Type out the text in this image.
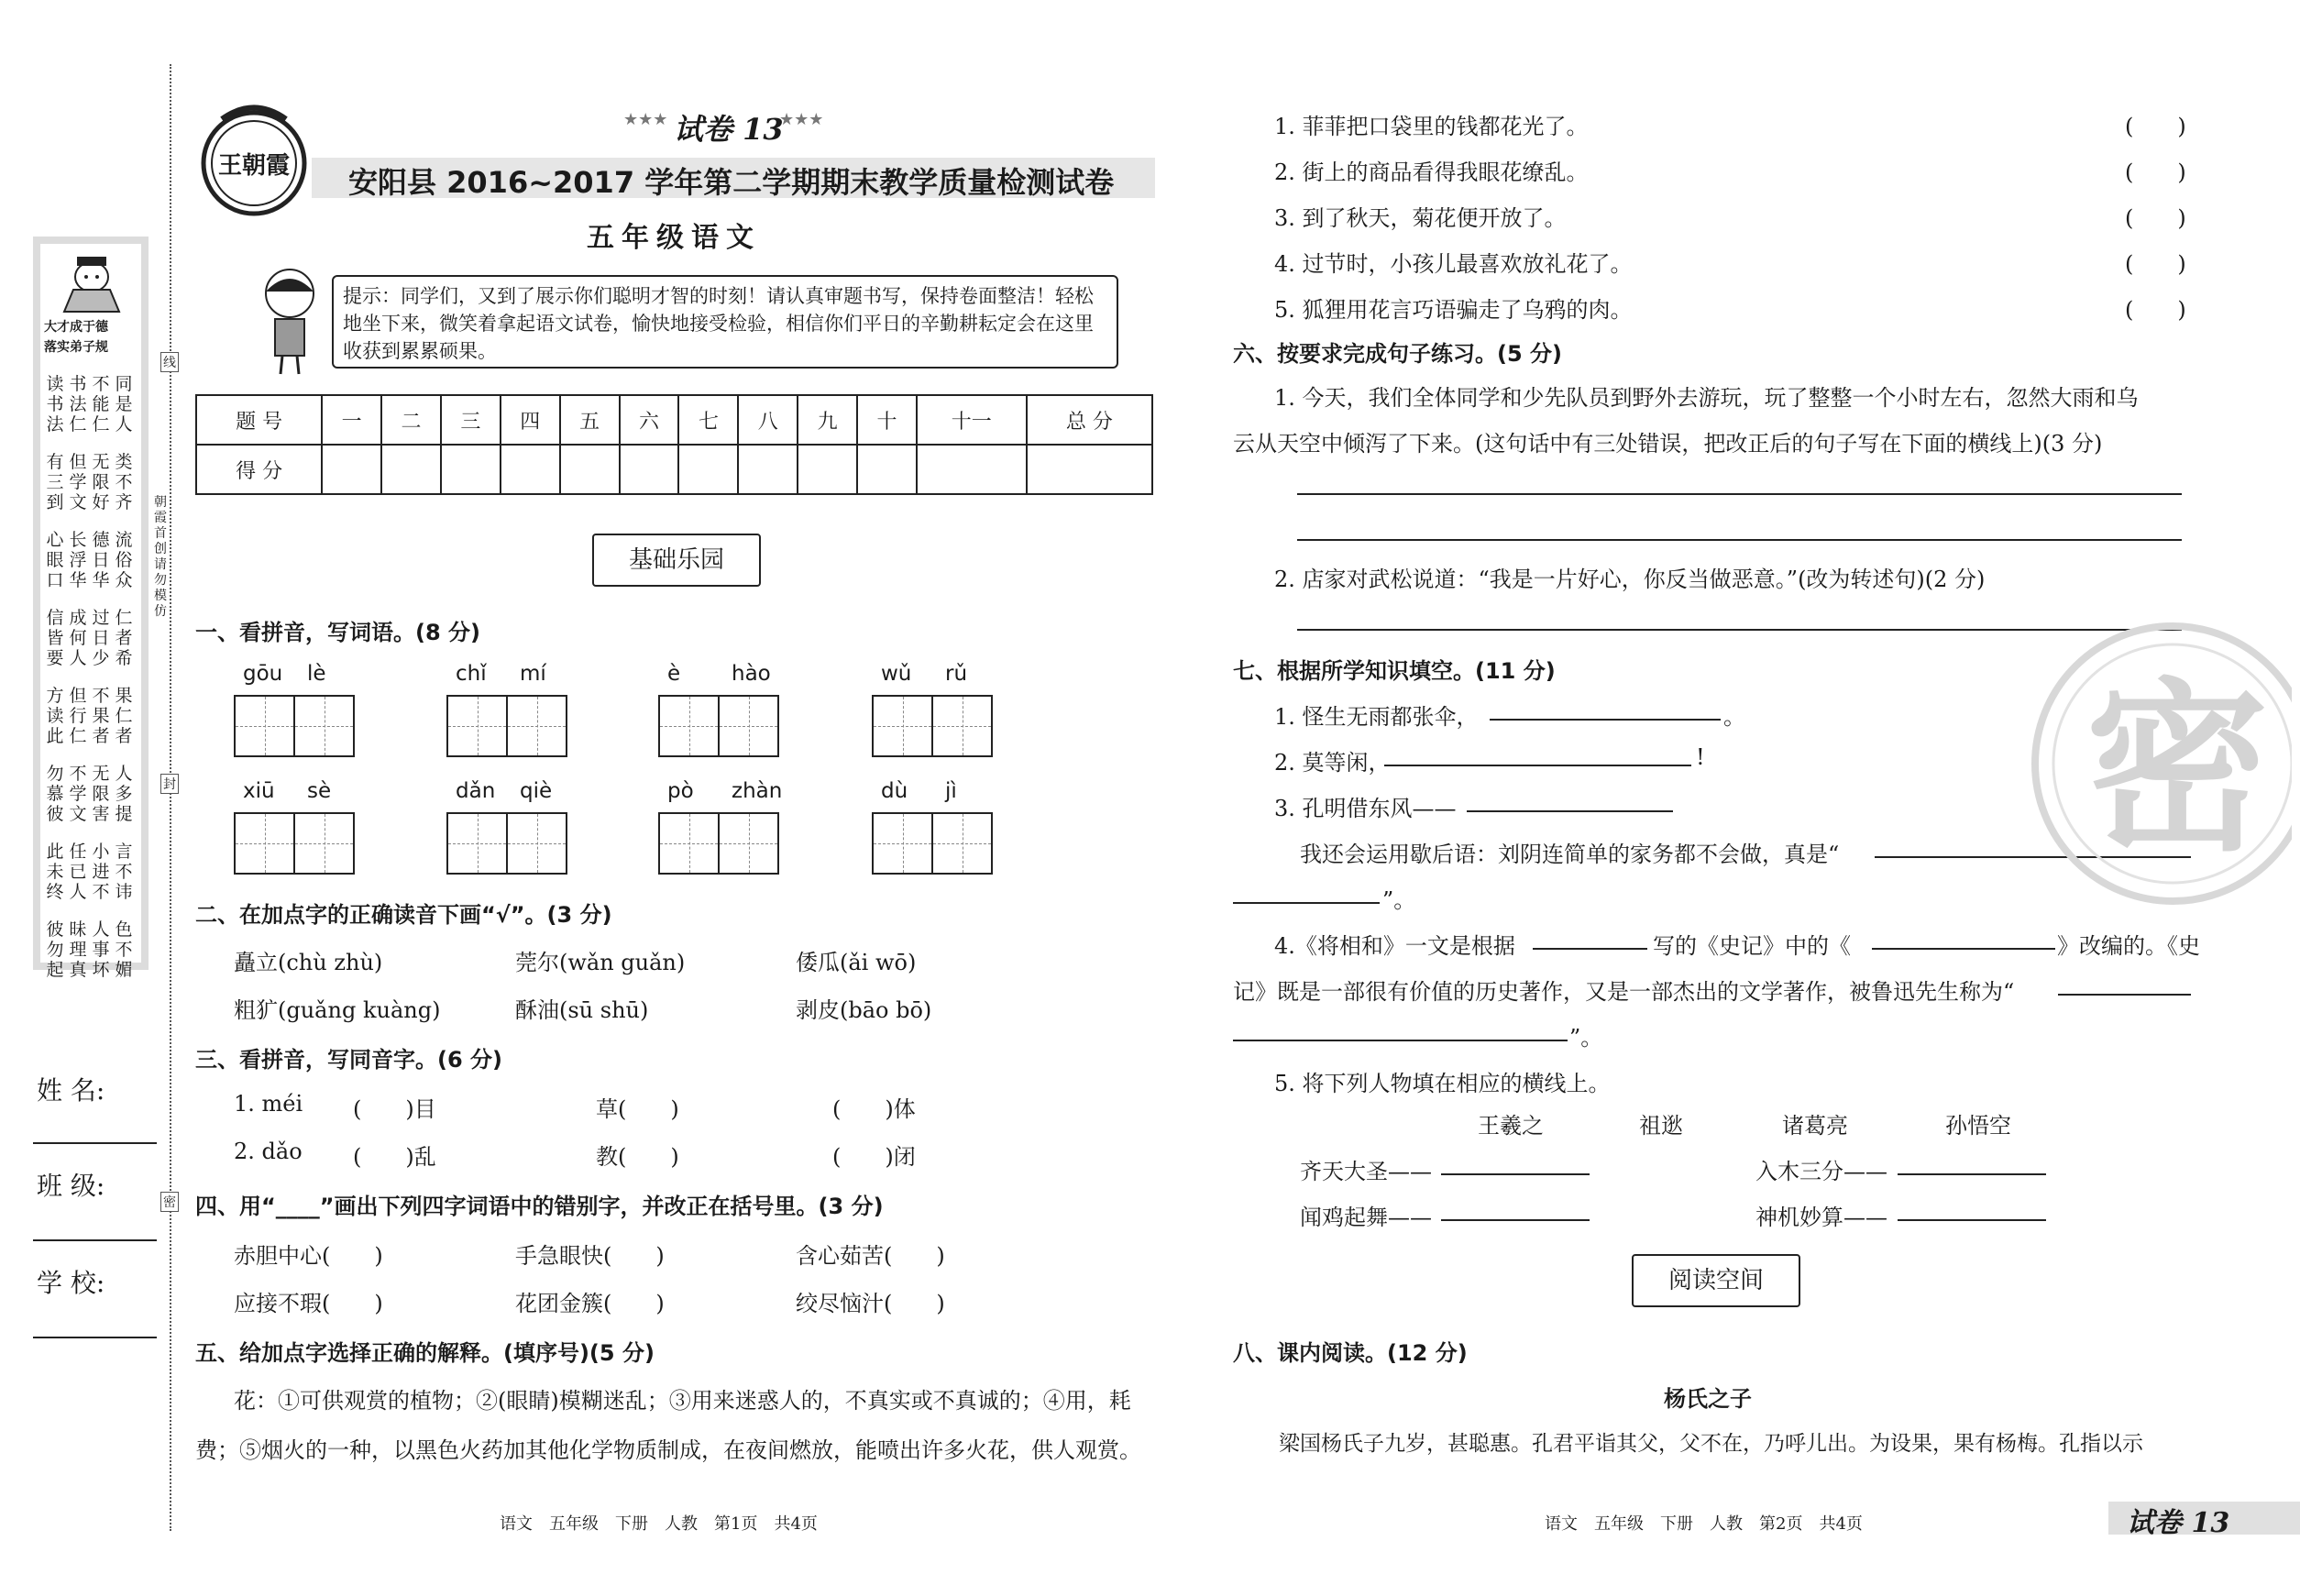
大才成于德
落实弟子规
读书法
书法仁
不能仁
同是人
有三到
但学文
无限好
类不齐
心眼口
长浮华
德日华
流俗众
信皆要
成何人
过日少
仁者希
方读此
但行仁
不果者
果仁者
勿慕彼
不学文
无限害
人多提
此未终
任已人
小进不
言不讳
彼勿起
昧理真
人事坏
色不媚
姓 名:
班 级:
学 校:
线
封
密
朝霞首创 请勿模仿
王朝霞
★★★ 试卷 13
★★★
安阳县 2016~2017 学年第二学期期末教学质量检测试卷
五年级语文
提示：同学们，又到了展示你们聪明才智的时刻！请认真审题书写，保持卷面整洁！轻松地坐下来，微笑着拿起语文试卷，愉快地接受检验，相信你们平日的辛勤耕耘定会在这里收获到累累硕果。
题 号	一	二	三	四	五	六	七	八	九	十	十一	总 分
得 分												
基础乐园
一、看拼音，写词语。(8 分)
gōu lè	chǐ mí	è hào	wǔ rǔ
xiū sè	dǎn qiè	pò zhàn	dù jì
二、在加点字的正确读音下画“√”。(3 分)
矗立(chù zhù)	莞尔(wǎn guǎn)	倭瓜(ǎi wō)
粗犷(guǎng kuàng)	酥油(sū shū)	剥皮(bāo bō)
三、看拼音，写同音字。(6 分)
1. méi (　　)目	草(　　)	(　　)体
2. dǎo (　　)乱	教(　　)	(　　)闭
四、用“____”画出下列四字词语中的错别字，并改正在括号里。(3 分)
赤胆中心(　　)	手急眼快(　　)	含心茹苦(　　)
应接不瑕(　　)	花团金簇(　　)	绞尽恼汁(　　)
五、给加点字选择正确的解释。(填序号)(5 分)
花：①可供观赏的植物；②(眼睛)模糊迷乱；③用来迷惑人的，不真实或不真诚的；④用，耗
费；⑤烟火的一种，以黑色火药加其他化学物质制成，在夜间燃放，能喷出许多火花，供人观赏。
语文　五年级　下册　人教　第1页　共4页
1. 菲菲把口袋里的钱都花光了。	(　　)
2. 街上的商品看得我眼花缭乱。	(　　)
3. 到了秋天，菊花便开放了。	(　　)
4. 过节时，小孩儿最喜欢放礼花了。	(　　)
5. 狐狸用花言巧语骗走了乌鸦的肉。	(　　)
六、按要求完成句子练习。(5 分)
1. 今天，我们全体同学和少先队员到野外去游玩，玩了整整一个小时左右，忽然大雨和乌
云从天空中倾泻了下来。(这句话中有三处错误，把改正后的句子写在下面的横线上)(3 分)
2. 店家对武松说道：“我是一片好心，你反当做恶意。”(改为转述句)(2 分)
七、根据所学知识填空。(11 分)
1. 怪生无雨都张伞，	。
2. 莫等闲，	!
3. 孔明借东风——
我还会运用歇后语：刘阴连简单的家务都不会做，真是“
”。
4.《将相和》一文是根据	写的《史记》中的《	》改编的。《史
记》既是一部很有价值的历史著作，又是一部杰出的文学著作，被鲁迅先生称为“
”。
5. 将下列人物填在相应的横线上。
王羲之	祖逖	诸葛亮	孙悟空
齐天大圣——	入木三分——
闻鸡起舞——	神机妙算——
阅读空间
八、课内阅读。(12 分)
杨氏之子
梁国杨氏子九岁，甚聪惠。孔君平诣其父，父不在，乃呼儿出。为设果，果有杨梅。孔指以示
语文　五年级　下册　人教　第2页　共4页	试卷 13
密
